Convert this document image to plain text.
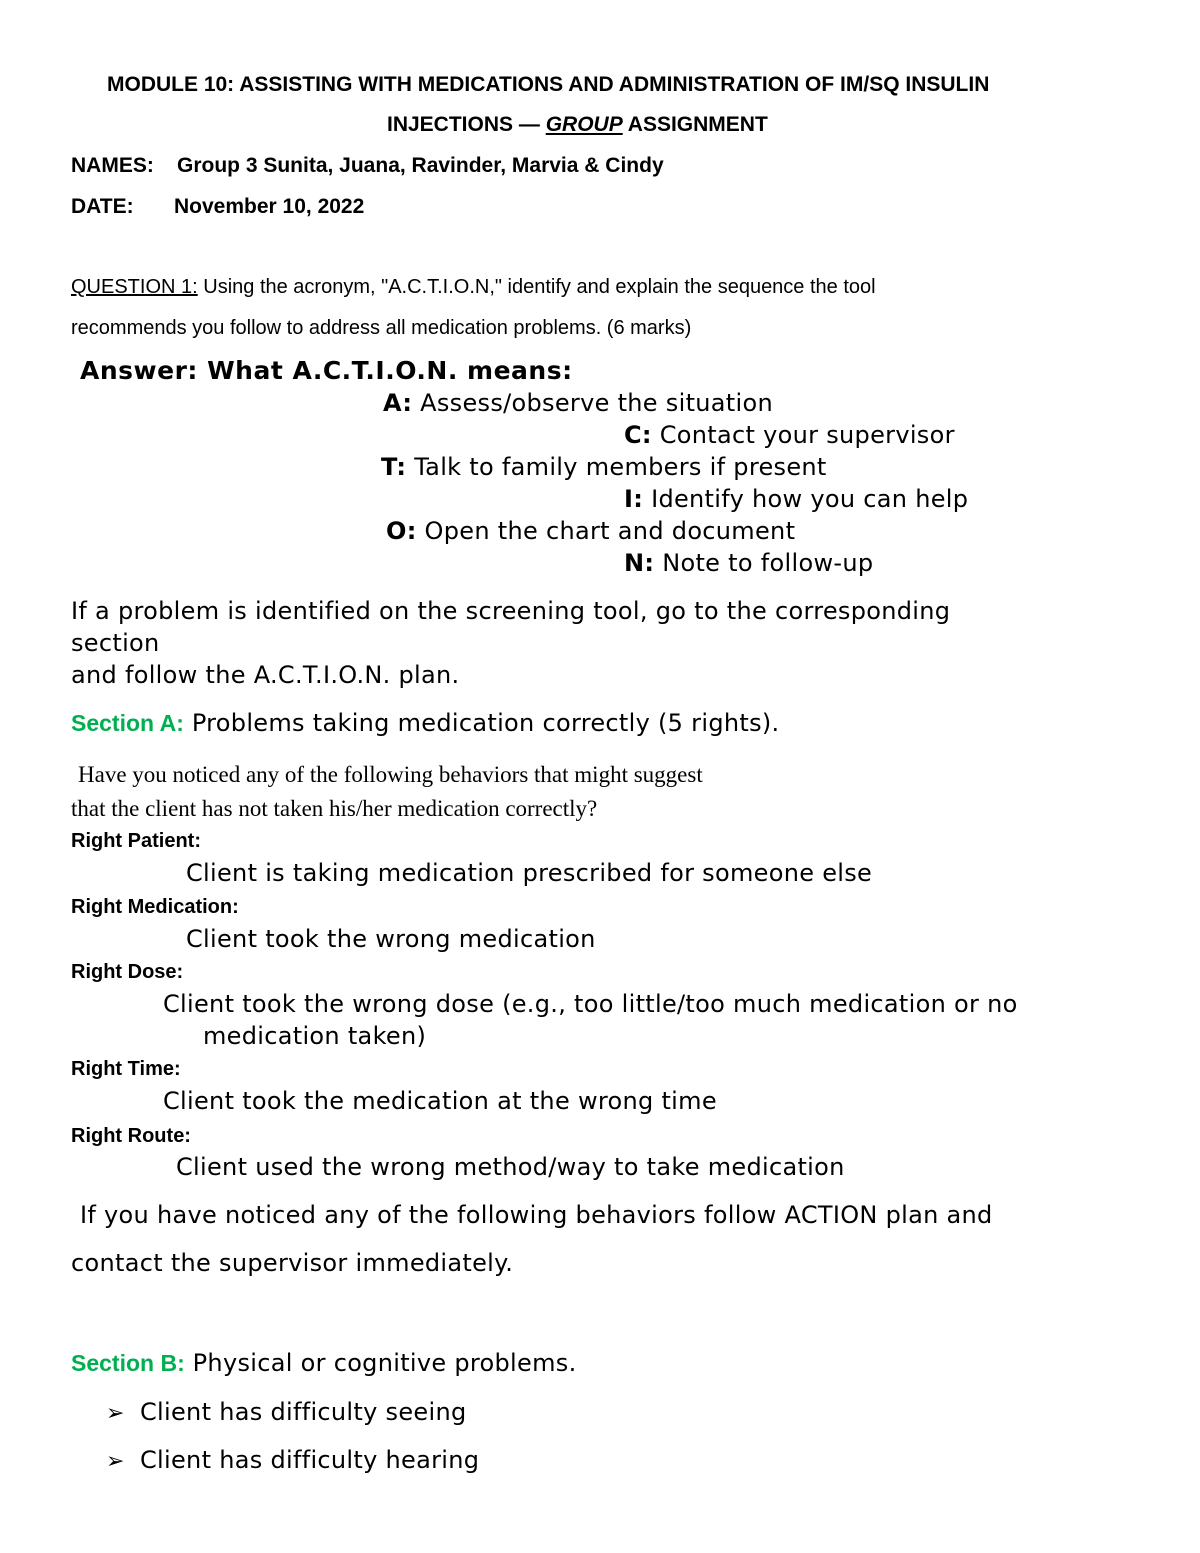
MODULE 10: ASSISTING WITH MEDICATIONS AND ADMINISTRATION OF IM/SQ INSULIN
INJECTIONS — GROUP ASSIGNMENT
NAMES: Group 3 Sunita, Juana, Ravinder, Marvia & Cindy
DATE: November 10, 2022
QUESTION 1: Using the acronym, "A.C.T.I.O.N," identify and explain the sequence the tool
recommends you follow to address all medication problems. (6 marks)
Answer: What A.C.T.I.O.N. means:
A: Assess/observe the situation
C: Contact your supervisor
T: Talk to family members if present
I: Identify how you can help
O: Open the chart and document
N: Note to follow-up
If a problem is identified on the screening tool, go to the corresponding
section
and follow the A.C.T.I.O.N. plan.
Section A: Problems taking medication correctly (5 rights).
Have you noticed any of the following behaviors that might suggest
that the client has not taken his/her medication correctly?
Right Patient:
Client is taking medication prescribed for someone else
Right Medication:
Client took the wrong medication
Right Dose:
Client took the wrong dose (e.g., too little/too much medication or no
medication taken)
Right Time:
Client took the medication at the wrong time
Right Route:
Client used the wrong method/way to take medication
If you have noticed any of the following behaviors follow ACTION plan and
contact the supervisor immediately.
Section B: Physical or cognitive problems.
➢ Client has difficulty seeing
➢ Client has difficulty hearing
